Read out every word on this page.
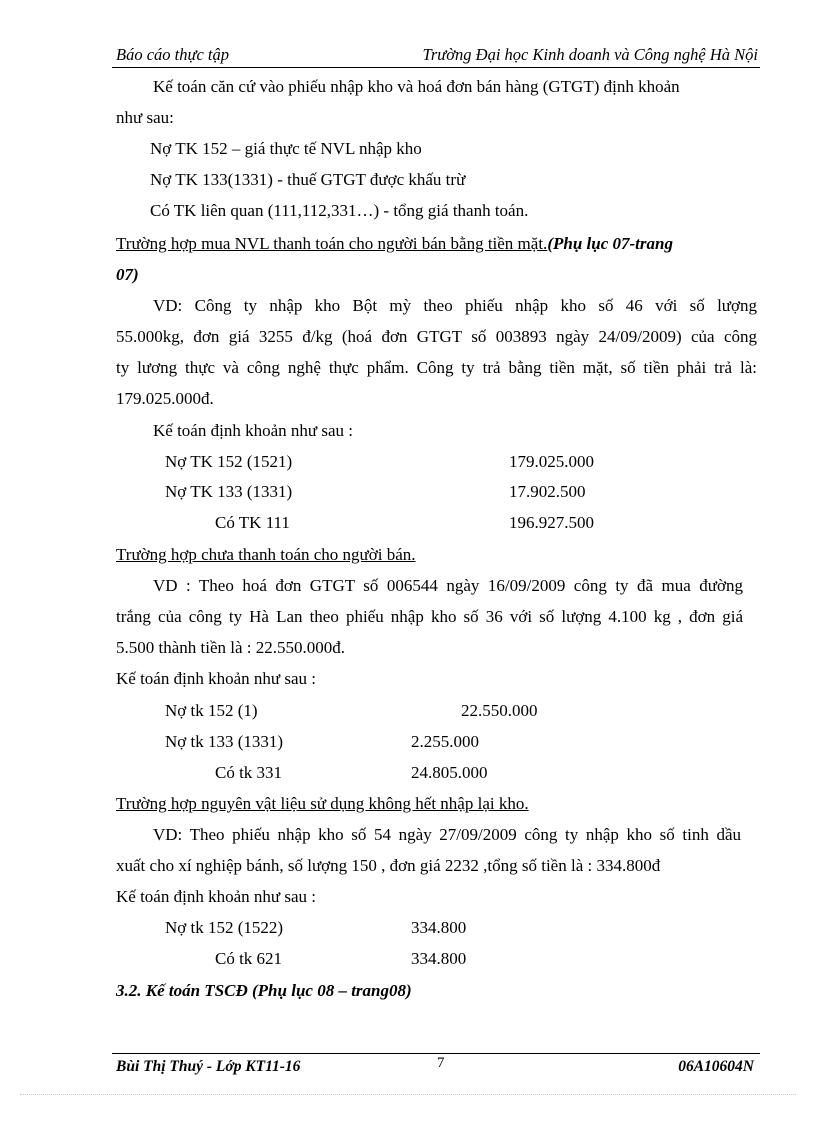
Báo cáo thực tập	Trường Đại học Kinh doanh và Công nghệ Hà Nội
Kế toán căn cứ vào phiếu nhập kho và hoá đơn bán hàng (GTGT) định khoản
như sau:
Nợ TK 152 – giá thực tế NVL nhập kho
Nợ TK 133(1331) - thuế GTGT được khấu trừ
Có TK liên quan (111,112,331…) - tổng giá thanh toán.
Trường hợp mua NVL thanh toán cho người bán bằng tiền mặt.(Phụ lục 07-trang
07)
VD: Công ty nhập kho Bột mỳ theo phiếu nhập kho số 46 với số lượng
55.000kg, đơn giá 3255 đ/kg (hoá đơn GTGT số 003893 ngày 24/09/2009) của công
ty lương thực và công nghệ thực phẩm. Công ty trả bằng tiền mặt, số tiền phải trả là:
179.025.000đ.
Kế toán định khoản như sau :
Nợ TK 152 (1521)	179.025.000
Nợ TK 133 (1331)	17.902.500
Có TK 111	196.927.500
Trường hợp chưa thanh toán cho người bán.
VD : Theo hoá đơn GTGT số 006544 ngày 16/09/2009 công ty đã mua đường
trắng của công ty Hà Lan theo phiếu nhập kho số 36 với số lượng 4.100 kg , đơn giá
5.500 thành tiền là : 22.550.000đ.
Kế toán định khoản như sau :
Nợ tk 152 (1)	22.550.000
Nợ tk 133 (1331)	2.255.000
Có tk 331	24.805.000
Trường hợp nguyên vật liệu sử dụng không hết nhập lại kho.
VD: Theo phiếu nhập kho số 54 ngày 27/09/2009 công ty nhập kho số tinh dầu
xuất cho xí nghiệp bánh, số lượng 150 , đơn giá 2232 ,tổng số tiền là : 334.800đ
Kế toán định khoản như sau :
Nợ tk 152 (1522)	334.800
Có tk 621	334.800
3.2. Kế toán TSCĐ (Phụ lục 08 – trang08)
Bùi Thị Thuý - Lớp KT11-16	7	06A10604N
